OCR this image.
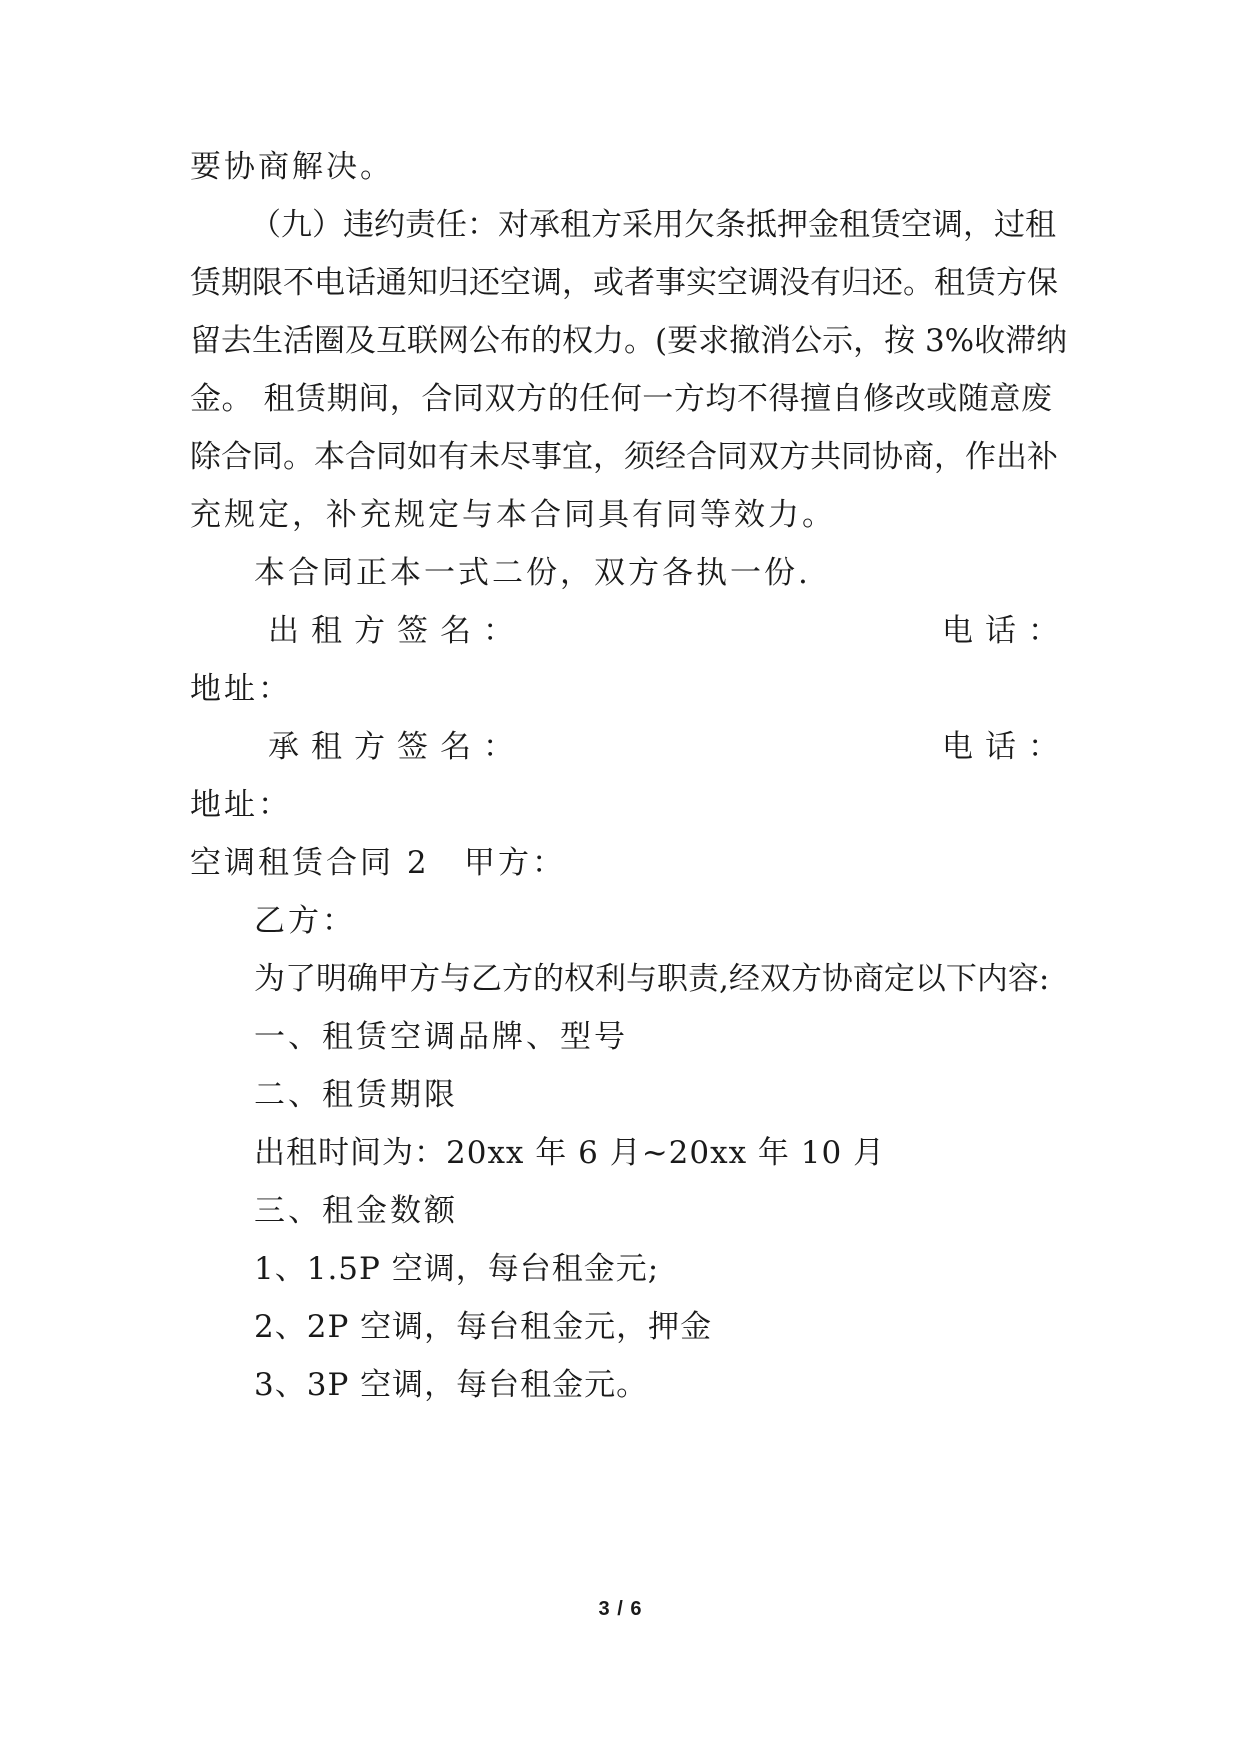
要协商解决。
（九）违约责任：对承租方采用欠条抵押金租赁空调，过租
赁期限不电话通知归还空调，或者事实空调没有归还。租赁方保
留去生活圈及互联网公布的权力。(要求撤消公示，按 3%收滞纳
金。 租赁期间，合同双方的任何一方均不得擅自修改或随意废
除合同。本合同如有未尽事宜，须经合同双方共同协商，作出补
充规定，补充规定与本合同具有同等效力。
本合同正本一式二份，双方各执一份.
出租方签名：	电话：
地址：
承租方签名：	电话：
地址：
空调租赁合同 2 甲方：
乙方：
为了明确甲方与乙方的权利与职责,经双方协商定以下内容:
一、租赁空调品牌、型号
二、租赁期限
出租时间为：20xx 年 6 月~20xx 年 10 月
三、租金数额
1、1.5P 空调，每台租金元;
2、2P 空调，每台租金元，押金
3、3P 空调，每台租金元。
3 / 6
